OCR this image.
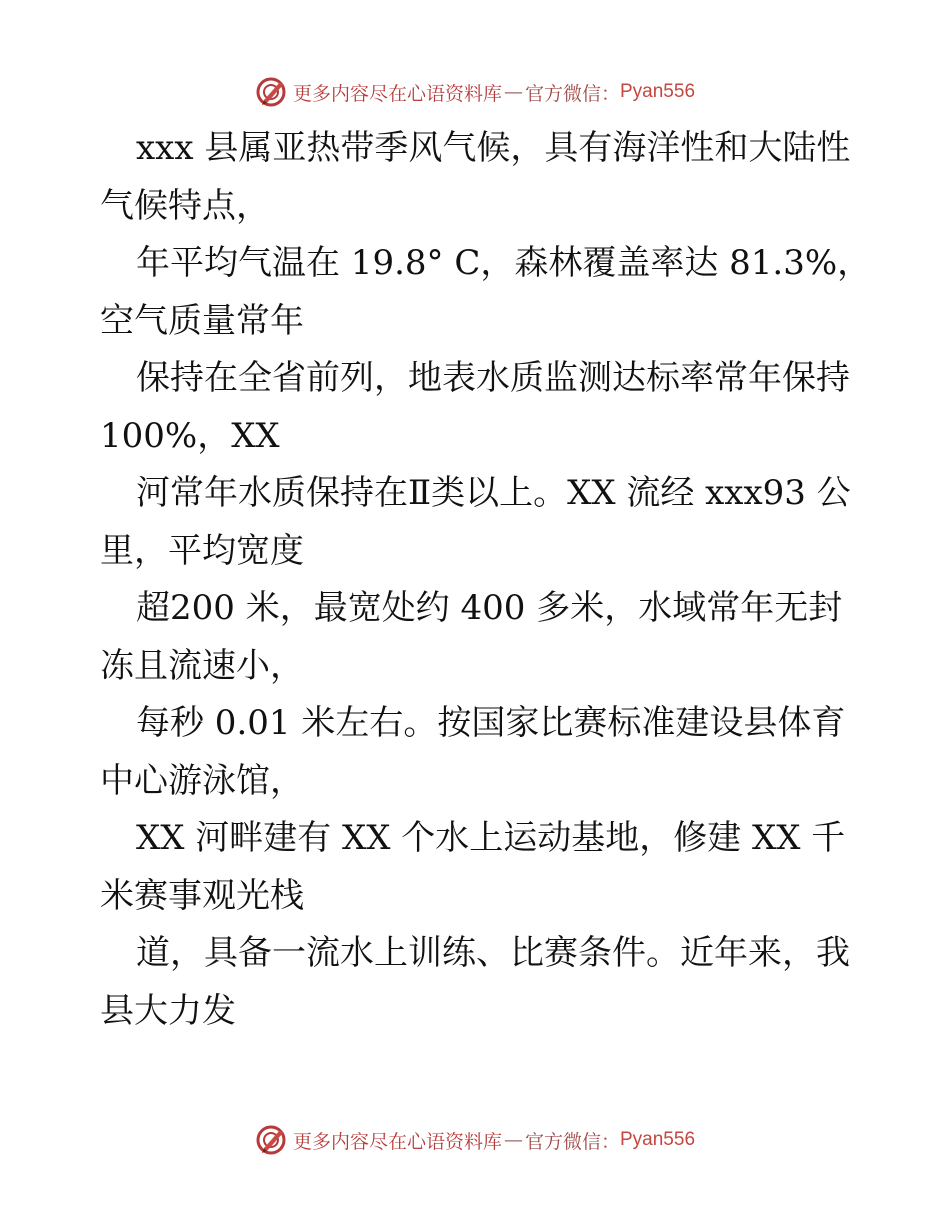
更多内容尽在心语资料库 — 官方微信： Pyan556
xxx 县属亚热带季风气候，具有海洋性和大陆性
气候特点，
年平均气温在 19.8° C，森林覆盖率达 81.3%，
空气质量常年
保持在全省前列，地表水质监测达标率常年保持
100%，XX
河常年水质保持在Ⅱ类以上。XX 流经 xxx93 公
里，平均宽度
超200 米，最宽处约 400 多米，水域常年无封
冻且流速小，
每秒 0.01 米左右。按国家比赛标准建设县体育
中心游泳馆，
XX 河畔建有 XX 个水上运动基地，修建 XX 千
米赛事观光栈
道，具备一流水上训练、比赛条件。近年来，我
县大力发
更多内容尽在心语资料库 — 官方微信： Pyan556
